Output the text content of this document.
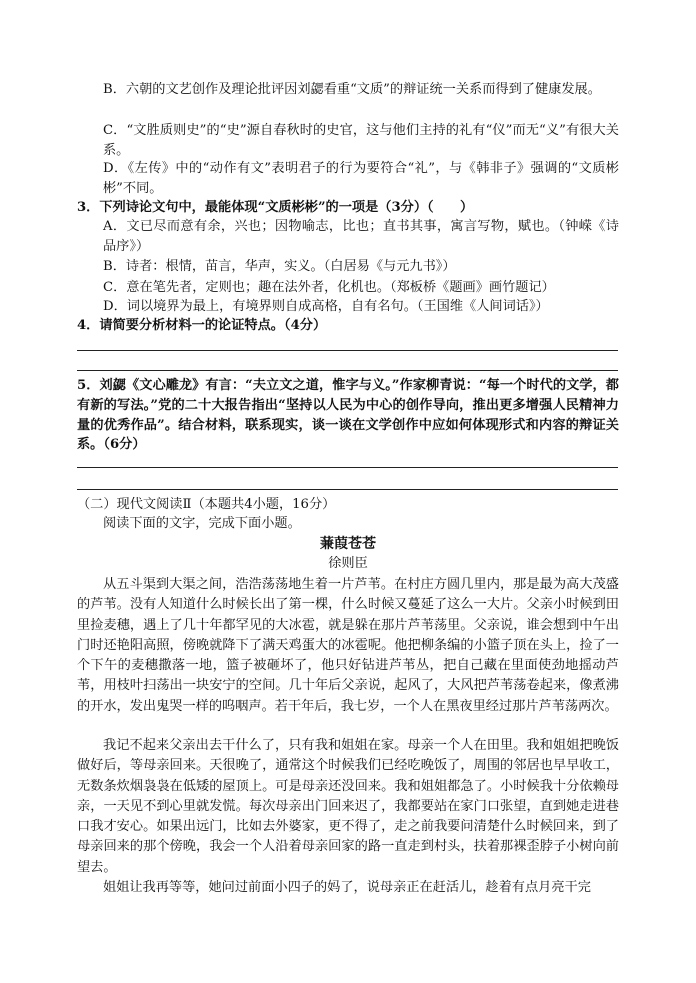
B．六朝的文艺创作及理论批评因刘勰看重“文质”的辩证统一关系而得到了健康发展。
C．“文胜质则史”的“史”源自春秋时的史官，这与他们主持的礼有“仪”而无“义”有很大关系。
D．《左传》中的“动作有文”表明君子的行为要符合“礼”，与《韩非子》强调的“文质彬彬”不同。
3．下列诗论文句中，最能体现“文质彬彬”的一项是（3分）（　　）
A．文已尽而意有余，兴也；因物喻志，比也；直书其事，寓言写物，赋也。（钟嵘《诗品序》）
B．诗者：根情，苗言，华声，实义。（白居易《与元九书》）
C．意在笔先者，定则也；趣在法外者，化机也。（郑板桥《题画》画竹题记）
D．词以境界为最上，有境界则自成高格，自有名句。（王国维《人间词话》）
4．请简要分析材料一的论证特点。（4分）
5．刘勰《文心雕龙》有言：“夫立文之道，惟字与义。”作家柳青说：“每一个时代的文学，都有新的写法。”党的二十大报告指出“坚持以人民为中心的创作导向，推出更多增强人民精神力量的优秀作品”。结合材料，联系现实，谈一谈在文学创作中应如何体现形式和内容的辩证关系。（6分）
（二）现代文阅读Ⅱ（本题共4小题，16分）
阅读下面的文字，完成下面小题。
蒹葭苍苍
徐则臣
从五斗渠到大渠之间，浩浩荡荡地生着一片芦苇。在村庄方圆几里内，那是最为高大茂盛的芦苇。没有人知道什么时候长出了第一棵，什么时候又蔓延了这么一大片。父亲小时候到田里捡麦穗，遇上了几十年都罕见的大冰雹，就是躲在那片芦苇荡里。父亲说，谁会想到中午出门时还艳阳高照，傍晚就降下了满天鸡蛋大的冰雹呢。他把柳条编的小篮子顶在头上，捡了一个下午的麦穗撒落一地，篮子被砸坏了，他只好钻进芦苇丛，把自己藏在里面使劲地摇动芦苇，用枝叶扫荡出一块安宁的空间。几十年后父亲说，起风了，大风把芦苇荡卷起来，像煮沸的开水，发出鬼哭一样的呜咽声。若干年后，我七岁，一个人在黑夜里经过那片芦苇荡两次。
我记不起来父亲出去干什么了，只有我和姐姐在家。母亲一个人在田里。我和姐姐把晚饭做好后，等母亲回来。天很晚了，通常这个时候我们已经吃晚饭了，周围的邻居也早早收工，无数条炊烟袅袅在低矮的屋顶上。可是母亲还没回来。我和姐姐都急了。小时候我十分依赖母亲，一天见不到心里就发慌。每次母亲出门回来迟了，我都要站在家门口张望，直到她走进巷口我才安心。如果出远门，比如去外婆家，更不得了，走之前我要问清楚什么时候回来，到了母亲回来的那个傍晚，我会一个人沿着母亲回家的路一直走到村头，扶着那裸歪脖子小树向前望去。
姐姐让我再等等，她问过前面小四子的妈了，说母亲正在赶活儿，趁着有点月亮干完
